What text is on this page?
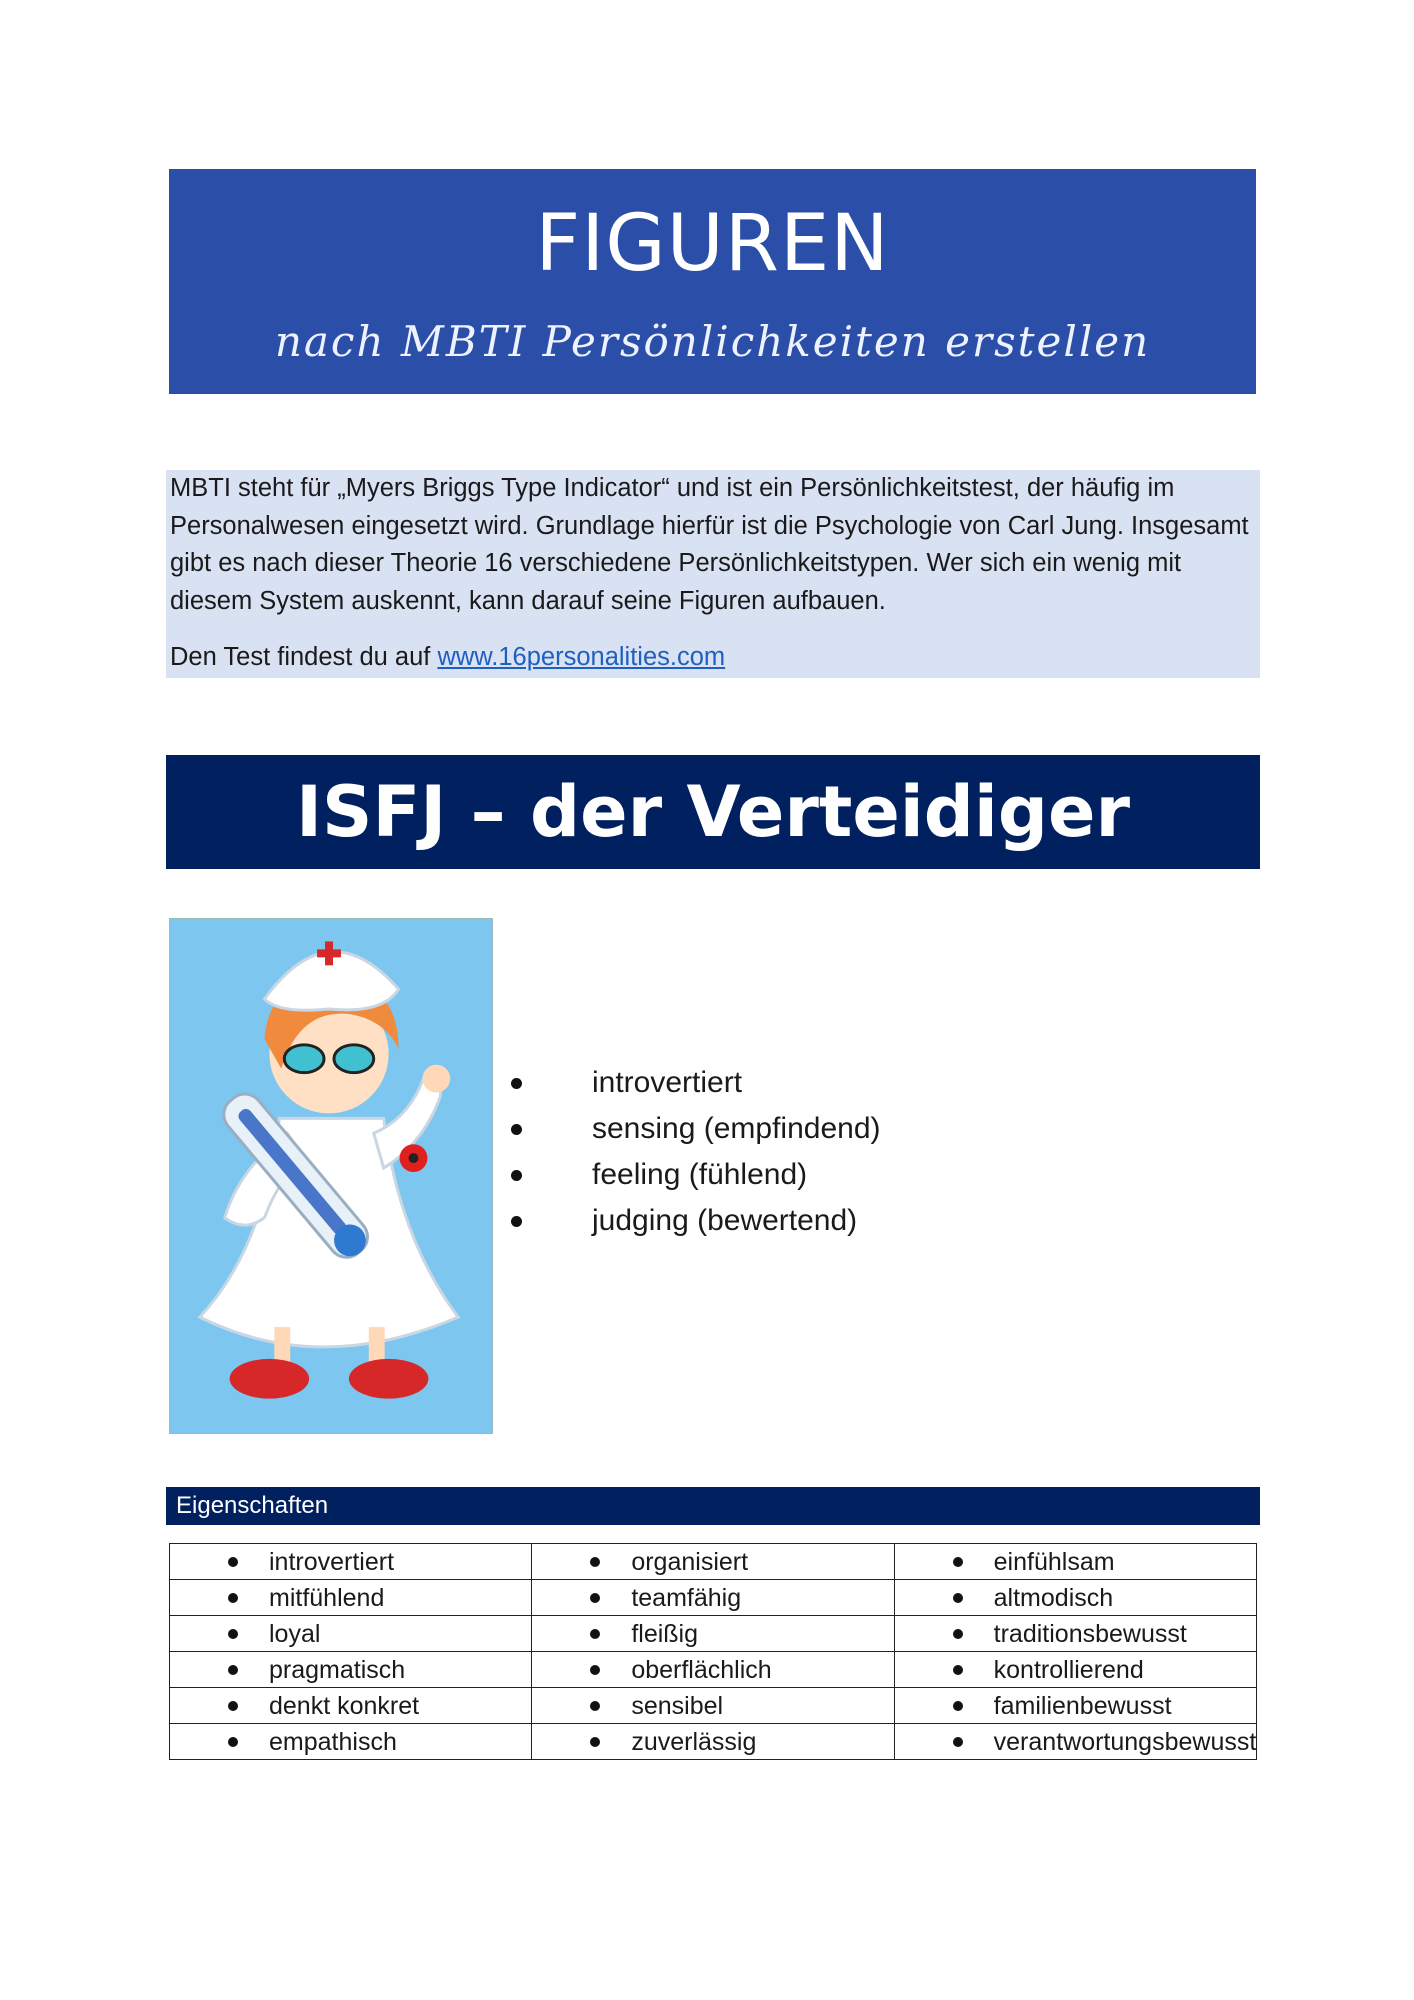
FIGUREN
nach MBTI Persönlichkeiten erstellen

MBTI steht für „Myers Briggs Type Indicator“ und ist ein Persönlichkeitstest, der häufig im Personalwesen eingesetzt wird. Grundlage hierfür ist die Psychologie von Carl Jung. Insgesamt gibt es nach dieser Theorie 16 verschiedene Persönlichkeitstypen. Wer sich ein wenig mit diesem System auskennt, kann darauf seine Figuren aufbauen.

Den Test findest du auf www.16personalities.com

ISFJ – der Verteidiger
introvertiert
sensing (empfindend)
feeling (fühlend)
judging (bewertend)
Eigenschaften
introvertiert	organisiert	einfühlsam

mitfühlend	teamfähig	altmodisch

loyal	fleißig	traditionsbewusst

pragmatisch	oberflächlich	kontrollierend

denkt konkret	sensibel	familienbewusst

empathisch	zuverlässig	verantwortungsbewusst
